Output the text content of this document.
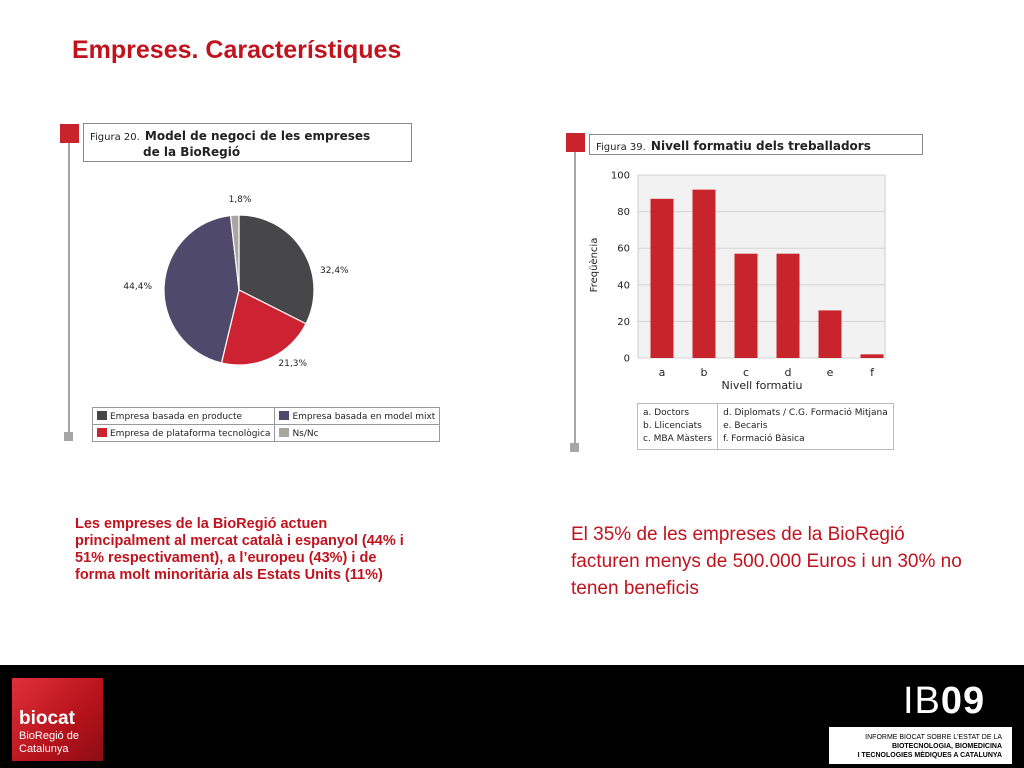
Empreses. Característiques
Figura 20. Model de negoci de les empreses
de la BioRegió
32,4%
21,3%
44,4%
1,8%
Empresa basada en producte	Empresa basada en model mixt
Empresa de plataforma tecnològica	Ns/Nc
Figura 39. Nivell formatiu dels treballadors
0
20
40
60
80
100
a	b	c	d	e	f
Nivell formatiu
Freqüència
a. Doctors
b. Llicenciats
c. MBA Màsters

d. Diplomats / C.G. Formació Mitjana
e. Becaris
f. Formació Bàsica
Les empreses de la BioRegió actuen principalment al mercat català i espanyol (44% i 51% respectivament), a l’europeu (43%) i de forma molt minoritària als Estats Units (11%)
El 35% de les empreses de la BioRegió facturen menys de 500.000 Euros i un 30% no tenen beneficis
biocat
BioRegió de
Catalunya
IB09
INFORME BIOCAT SOBRE L'ESTAT DE LA
BIOTECNOLOGIA, BIOMEDICINA
I TECNOLOGIES MÈDIQUES A CATALUNYA
